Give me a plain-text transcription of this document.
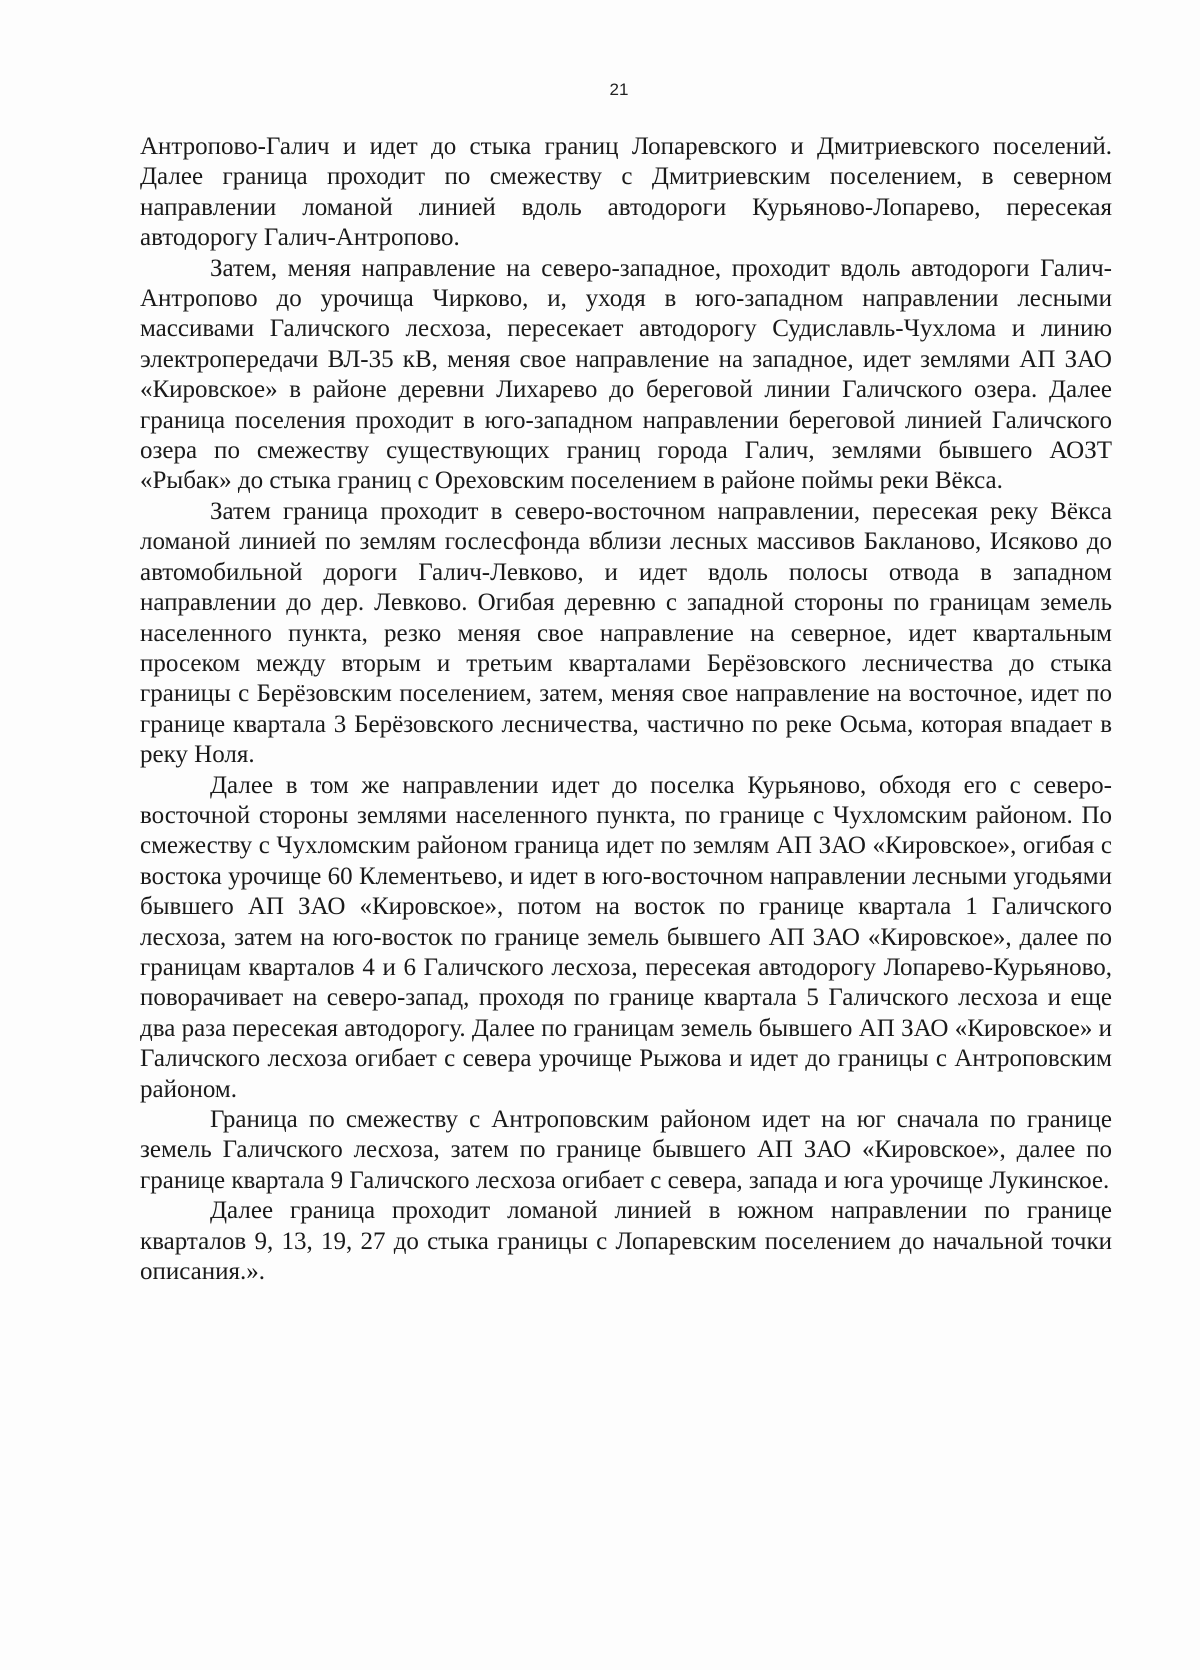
21

Антропово-Галич и идет до стыка границ Лопаревского и Дмитриевского поселений. Далее граница проходит по смежеству с Дмитриевским поселением, в северном направлении ломаной линией вдоль автодороги Курьяново-Лопарево, пересекая автодорогу Галич-Антропово.

Затем, меняя направление на северо-западное, проходит вдоль автодороги Галич-Антропово до урочища Чирково, и, уходя в юго-западном направлении лесными массивами Галичского лесхоза, пересекает автодорогу Судиславль-Чухлома и линию электропередачи ВЛ-35 кВ, меняя свое направление на западное, идет землями АП ЗАО «Кировское» в районе деревни Лихарево до береговой линии Галичского озера. Далее граница поселения проходит в юго-западном направлении береговой линией Галичского озера по смежеству существующих границ города Галич, землями бывшего АОЗТ «Рыбак» до стыка границ с Ореховским поселением в районе поймы реки Вёкса.

Затем граница проходит в северо-восточном направлении, пересекая реку Вёкса ломаной линией по землям гослесфонда вблизи лесных массивов Бакланово, Исяково до автомобильной дороги Галич-Левково, и идет вдоль полосы отвода в западном направлении до дер. Левково. Огибая деревню с западной стороны по границам земель населенного пункта, резко меняя свое направление на северное, идет квартальным просеком между вторым и третьим кварталами Берёзовского лесничества до стыка границы с Берёзовским поселением, затем, меняя свое направление на восточное, идет по границе квартала 3 Берёзовского лесничества, частично по реке Осьма, которая впадает в реку Ноля.

Далее в том же направлении идет до поселка Курьяново, обходя его с северо-восточной стороны землями населенного пункта, по границе с Чухломским районом. По смежеству с Чухломским районом граница идет по землям АП ЗАО «Кировское», огибая с востока урочище 60 Клементьево, и идет в юго-восточном направлении лесными угодьями бывшего АП ЗАО «Кировское», потом на восток по границе квартала 1 Галичского лесхоза, затем на юго-восток по границе земель бывшего АП ЗАО «Кировское», далее по границам кварталов 4 и 6 Галичского лесхоза, пересекая автодорогу Лопарево-Курьяново, поворачивает на северо-запад, проходя по границе квартала 5 Галичского лесхоза и еще два раза пересекая автодорогу. Далее по границам земель бывшего АП ЗАО «Кировское» и Галичского лесхоза огибает с севера урочище Рыжова и идет до границы с Антроповским районом.

Граница по смежеству с Антроповским районом идет на юг сначала по границе земель Галичского лесхоза, затем по границе бывшего АП ЗАО «Кировское», далее по границе квартала 9 Галичского лесхоза огибает с севера, запада и юга урочище Лукинское.

Далее граница проходит ломаной линией в южном направлении по границе кварталов 9, 13, 19, 27 до стыка границы с Лопаревским поселением до начальной точки описания.».
